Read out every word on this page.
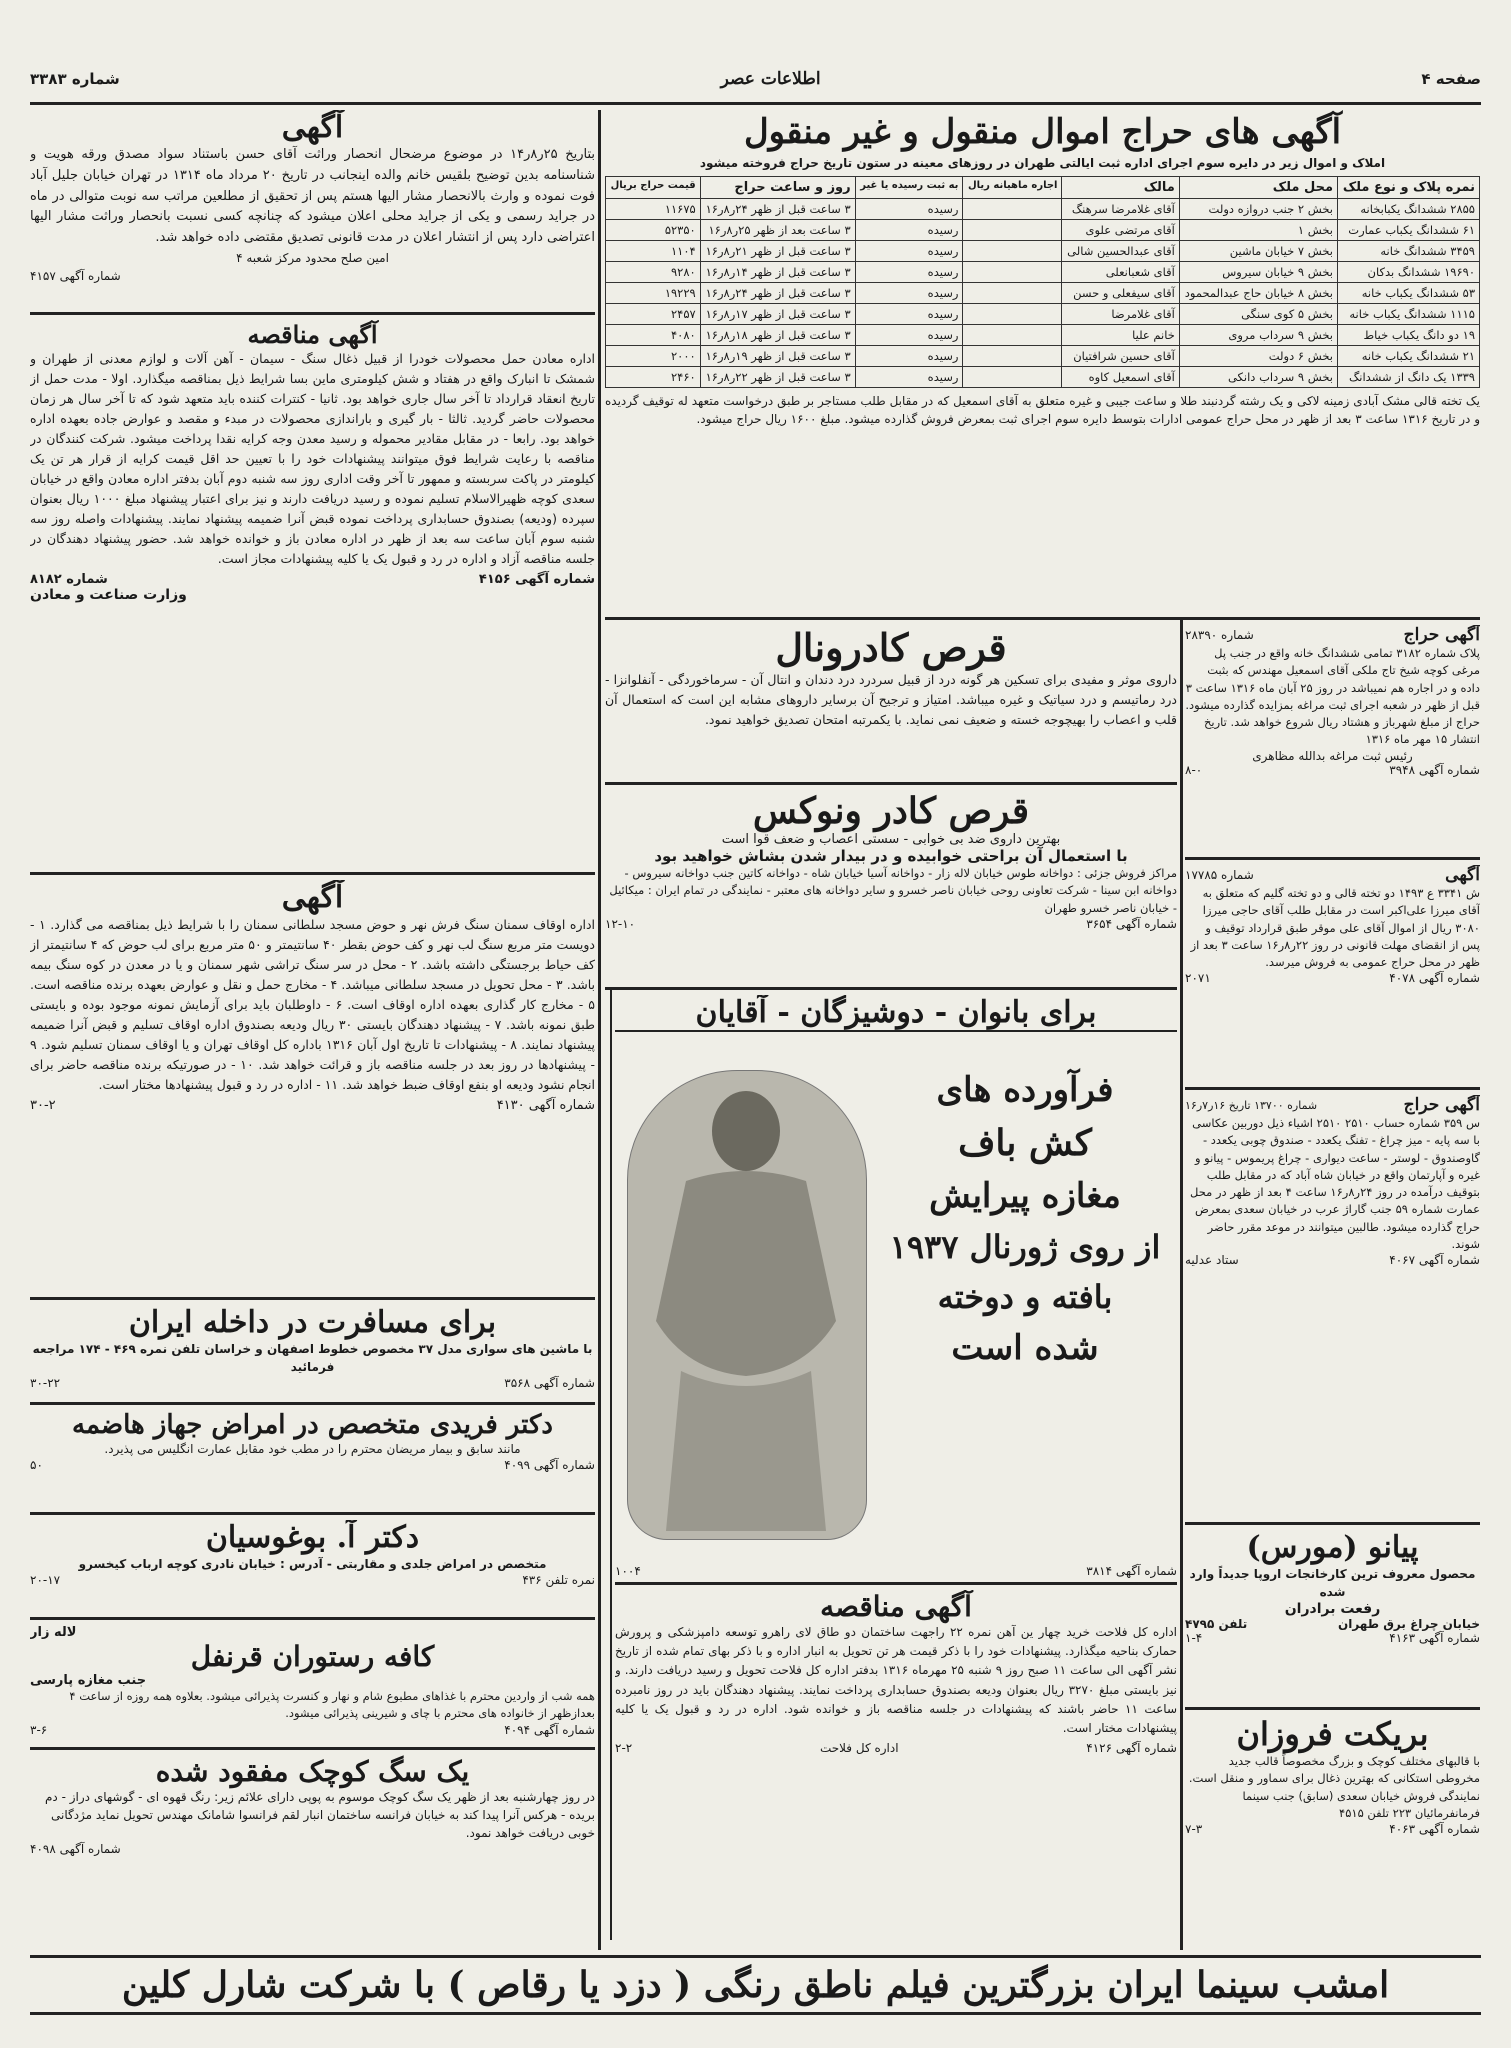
صفحه ۴
اطلاعات عصر
شماره ۳۳۸۳
آگهی های حراج اموال منقول و غیر منقول
املاک و اموال زیر در دایره سوم اجرای اداره ثبت ایالتی طهران در روزهای معینه در ستون تاریخ حراج فروخته میشود
نمره پلاک و نوع ملک	محل ملک	مالک	اجاره ماهیانه ریال	به ثبت رسیده یا غیر	روز و ساعت حراج	قیمت حراج بریال
۲۸۵۵ ششدانگ یکبابخانه	بخش ۲ جنب دروازه دولت	آقای غلامرضا سرهنگ		رسیده	۳ ساعت قبل از ظهر ۲۴ر۸ر۱۶	۱۱۶۷۵
۶۱ ششدانگ یکباب عمارت	بخش ۱	آقای مرتضی علوی		رسیده	۳ ساعت بعد از ظهر ۲۵ر۸ر۱۶	۵۲۳۵۰
۳۴۵۹ ششدانگ خانه	بخش ۷ خیابان ماشین	آقای عبدالحسین شالی		رسیده	۳ ساعت قبل از ظهر ۲۱ر۸ر۱۶	۱۱۰۴
۱۹۶۹۰ ششدانگ بدکان	بخش ۹ خیابان سیروس	آقای شعبانعلی		رسیده	۳ ساعت قبل از ظهر ۱۴ر۸ر۱۶	۹۲۸۰
۵۳ ششدانگ یکباب خانه	بخش ۸ خیابان حاج عبدالمحمود	آقای سیفعلی و حسن		رسیده	۳ ساعت قبل از ظهر ۲۴ر۸ر۱۶	۱۹۲۲۹
۱۱۱۵ ششدانگ یکباب خانه	بخش ۵ کوی سنگی	آقای غلامرضا		رسیده	۳ ساعت قبل از ظهر ۱۷ر۸ر۱۶	۲۴۵۷
۱۹ دو دانگ یکباب خیاط	بخش ۹ سرداب مروی	خانم علیا		رسیده	۳ ساعت قبل از ظهر ۱۸ر۸ر۱۶	۴۰۸۰
۲۱ ششدانگ یکباب خانه	بخش ۶ دولت	آقای حسین شرافتیان		رسیده	۳ ساعت قبل از ظهر ۱۹ر۸ر۱۶	۲۰۰۰
۱۳۳۹ یک دانگ از ششدانگ	بخش ۹ سرداب دانکی	آقای اسمعیل کاوه		رسیده	۳ ساعت قبل از ظهر ۲۲ر۸ر۱۶	۲۴۶۰
یک تخته قالی مشک آبادی زمینه لاکی و یک رشته گردنبند طلا و ساعت جیبی و غیره متعلق به آقای اسمعیل که در مقابل طلب مستاجر بر طبق درخواست متعهد له توقیف گردیده و در تاریخ ۱۳۱۶ ساعت ۳ بعد از ظهر در محل حراج عمومی ادارات بتوسط دایره سوم اجرای ثبت بمعرض فروش گذارده میشود. مبلغ ۱۶۰۰ ریال حراج میشود.
آگهی
بتاریخ ۲۵ر۸ر۱۴ در موضوع مرضحال انحصار وراثت آقای حسن باستناد سواد مصدق ورقه هویت و شناسنامه بدین توضیح بلقیس خانم والده اینجانب در تاریخ ۲۰ مرداد ماه ۱۳۱۴ در تهران خیابان جلیل آباد فوت نموده و وارث بالانحصار مشار الیها هستم پس از تحقیق از مطلعین مراتب سه نوبت متوالی در ماه در جراید رسمی و یکی از جراید محلی اعلان میشود که چنانچه کسی نسبت بانحصار وراثت مشار الیها اعتراضی دارد پس از انتشار اعلان در مدت قانونی تصدیق مقتضی داده خواهد شد.
امین صلح محدود مرکز شعبه ۴
شماره آگهی ۴۱۵۷
آگهی مناقصه
اداره معادن حمل محصولات خودرا از قبیل ذغال سنگ - سیمان - آهن آلات و لوازم معدنی از طهران و شمشک تا انبارک واقع در هفتاد و شش کیلومتری ماین بسا شرایط ذیل بمناقصه میگذارد. اولا - مدت حمل از تاریخ انعقاد قرارداد تا آخر سال جاری خواهد بود. ثانیا - کنترات کننده باید متعهد شود که تا آخر سال هر زمان محصولات حاضر گردید. ثالثا - بار گیری و باراندازی محصولات در مبدء و مقصد و عوارض جاده بعهده اداره خواهد بود. رابعا - در مقابل مقادیر محموله و رسید معدن وجه کرایه نقدا پرداخت میشود. شرکت کنندگان در مناقصه با رعایت شرایط فوق میتوانند پیشنهادات خود را با تعیین حد اقل قیمت کرایه از قرار هر تن یک کیلومتر در پاکت سربسته و ممهور تا آخر وقت اداری روز سه شنبه دوم آبان بدفتر اداره معادن واقع در خیابان سعدی کوچه ظهیرالاسلام تسلیم نموده و رسید دریافت دارند و نیز برای اعتبار پیشنهاد مبلغ ۱۰۰۰ ریال بعنوان سپرده (ودیعه) بصندوق حسابداری پرداخت نموده قبض آنرا ضمیمه پیشنهاد نمایند. پیشنهادات واصله روز سه شنبه سوم آبان ساعت سه بعد از ظهر در اداره معادن باز و خوانده خواهد شد. حضور پیشنهاد دهندگان در جلسه مناقصه آزاد و اداره در رد و قبول یک یا کلیه پیشنهادات مجاز است.
شماره آگهی ۴۱۵۶
شماره ۸۱۸۲
وزارت صناعت و معادن
آگهی
اداره اوقاف سمنان سنگ فرش نهر و حوض مسجد سلطانی سمنان را با شرایط ذیل بمناقصه می گذارد. ۱ - دویست متر مربع سنگ لب نهر و کف حوض بقطر ۴۰ سانتیمتر و ۵۰ متر مربع برای لب حوض که ۴ سانتیمتر از کف حیاط برجستگی داشته باشد. ۲ - محل در سر سنگ تراشی شهر سمنان و یا در معدن در کوه سنگ بیمه باشد. ۳ - محل تحویل در مسجد سلطانی میباشد. ۴ - مخارج حمل و نقل و عوارض بعهده برنده مناقصه است. ۵ - مخارج کار گذاری بعهده اداره اوقاف است. ۶ - داوطلبان باید برای آزمایش نمونه موجود بوده و بایستی طبق نمونه باشد. ۷ - پیشنهاد دهندگان بایستی ۳۰ ریال ودیعه بصندوق اداره اوقاف تسلیم و قبض آنرا ضمیمه پیشنهاد نمایند. ۸ - پیشنهادات تا تاریخ اول آبان ۱۳۱۶ باداره کل اوقاف تهران و یا اوقاف سمنان تسلیم شود. ۹ - پیشنهادها در روز بعد در جلسه مناقصه باز و قرائت خواهد شد. ۱۰ - در صورتیکه برنده مناقصه حاضر برای انجام نشود ودیعه او بنفع اوقاف ضبط خواهد شد. ۱۱ - اداره در رد و قبول پیشنهادها مختار است.
شماره آگهی ۴۱۳۰
۳۰-۲
برای مسافرت در داخله ایران
با ماشین های سواری مدل ۳۷ مخصوص خطوط اصفهان و خراسان تلفن نمره ۴۶۹ - ۱۷۴ مراجعه فرمائید
شماره آگهی ۳۵۶۸
۳۰-۲۲
دکتر فریدی متخصص در امراض جهاز هاضمه
مانند سابق و بیمار مریضان محترم را در مطب خود مقابل عمارت انگلیس می پذیرد.
شماره آگهی ۴۰۹۹
۵۰
دکتر آ. بوغوسیان
متخصص در امراض جلدی و مقاربتی - آدرس : خیابان نادری کوچه ارباب کیخسرو
نمره تلفن ۴۳۶
۲۰-۱۷
لاله زار
کافه رستوران قرنفل
جنب مغازه پارسی
همه شب از واردین محترم با غذاهای مطبوع شام و نهار و کنسرت پذیرائی میشود. بعلاوه همه روزه از ساعت ۴ بعدازظهر از خانواده های محترم با چای و شیرینی پذیرائی میشود.
شماره آگهی ۴۰۹۴
۳-۶
یک سگ کوچک مفقود شده
در روز چهارشنبه بعد از ظهر یک سگ کوچک موسوم به پوپی دارای علائم زیر: رنگ قهوه ای - گوشهای دراز - دم بریده - هرکس آنرا پیدا کند به خیابان فرانسه ساختمان انبار لقم فرانسوا شامانک مهندس تحویل نماید مژدگانی خوبی دریافت خواهد نمود.
شماره آگهی ۴۰۹۸
قرص کادرونال
داروی موثر و مفیدی برای تسکین هر گونه درد از قبیل سردرد درد دندان و انتال آن - سرماخوردگی - آنفلوانزا - درد رماتیسم و درد سیاتیک و غیره میباشد. امتیاز و ترجیح آن برسایر داروهای مشابه این است که استعمال آن قلب و اعصاب را بهیچوجه خسته و ضعیف نمی نماید. با یکمرتبه امتحان تصدیق خواهید نمود.
قرص کادر ونوکس
بهترین داروی ضد بی خوابی - سستی اعصاب و ضعف قوا است
با استعمال آن براحتی خوابیده و در بیدار شدن بشاش خواهید بود
مراکز فروش جزئی : دواخانه طوس خیابان لاله زار - دواخانه آسیا خیابان شاه - دواخانه کاتین جنب دواخانه سیروس - دواخانه ابن سینا - شرکت تعاونی روحی خیابان ناصر خسرو و سایر دواخانه های معتبر - نمایندگی در تمام ایران : میکائیل - خیابان ناصر خسرو طهران
شماره آگهی ۳۶۵۴
۱۲-۱۰
برای بانوان - دوشیزگان - آقایان
فرآورده های
کش باف
مغازه پیرایش
از روی ژورنال ۱۹۳۷
بافته و دوخته
شده است
شماره آگهی ۳۸۱۴
۱۰۰۴
آگهی مناقصه
اداره کل فلاحت خرید چهار ین آهن نمره ۲۲ راجهت ساختمان دو طاق لای راهرو توسعه دامپزشکی و پرورش حمارک بناحیه میگذارد. پیشنهادات خود را با ذکر قیمت هر تن تحویل به انبار اداره و با ذکر بهای تمام شده از تاریخ نشر آگهی الی ساعت ۱۱ صبح روز ۹ شنبه ۲۵ مهرماه ۱۳۱۶ بدفتر اداره کل فلاحت تحویل و رسید دریافت دارند. و نیز بایستی مبلغ ۳۲۷۰ ریال بعنوان ودیعه بصندوق حسابداری پرداخت نمایند. پیشنهاد دهندگان باید در روز نامبرده ساعت ۱۱ حاضر باشند که پیشنهادات در جلسه مناقصه باز و خوانده شود. اداره در رد و قبول یک یا کلیه پیشنهادات مختار است.
شماره آگهی ۴۱۲۶
اداره کل فلاحت
۲-۲
آگهی حراج
شماره ۲۸۳۹۰
پلاک شماره ۳۱۸۲ تمامی ششدانگ خانه واقع در جنب پل مرغی کوچه شیخ تاج ملکی آقای اسمعیل مهندس که بثبت داده و در اجاره هم نمیباشد در روز ۲۵ آبان ماه ۱۳۱۶ ساعت ۳ قبل از ظهر در شعبه اجرای ثبت مراغه بمزایده گذارده میشود. حراج از مبلغ شهرباز و هشتاد ریال شروع خواهد شد. تاریخ انتشار ۱۵ مهر ماه ۱۳۱۶
رئیس ثبت مراغه بدالله مظاهری
شماره آگهی ۳۹۴۸
۸-۰
آگهی
شماره ۱۷۷۸۵
ش ۳۳۴۱ ع ۱۴۹۳ دو تخته قالی و دو تخته گلیم که متعلق به آقای میرزا علی‌اکبر است در مقابل طلب آقای حاجی میرزا ۳۰۸۰ ریال از اموال آقای علی موقر طبق قرارداد توقیف و پس از انقضای مهلت قانونی در روز ۲۲ر۸ر۱۶ ساعت ۳ بعد از ظهر در محل حراج عمومی به فروش میرسد.
شماره آگهی ۴۰۷۸
۲۰۷۱
آگهی حراج
شماره ۱۳۷۰۰ تاریخ ۱۶ر۷ر۱۶
س ۳۵۹ شماره حساب ۲۵۱۰ ۲۵۱۰ اشیاء ذیل دوربین عکاسی با سه پایه - میز چراغ - تفنگ یکعدد - صندوق چوبی یکعدد - گاوصندوق - لوستر - ساعت دیواری - چراغ پریموس - پیانو و غیره و آپارتمان واقع در خیابان شاه آباد که در مقابل طلب بتوقیف درآمده در روز ۲۴ر۸ر۱۶ ساعت ۴ بعد از ظهر در محل عمارت شماره ۵۹ جنب گاراژ عرب در خیابان سعدی بمعرض حراج گذارده میشود. طالبین میتوانند در موعد مقرر حاضر شوند.
شماره آگهی ۴۰۶۷
ستاد عدلیه
پیانو (مورس)
محصول معروف ترین کارخانجات اروپا جدیداً وارد شده
رفعت برادران
خیابان چراغ برق طهران
تلفن ۴۷۹۵
شماره آگهی ۴۱۶۳
۱-۴
بریکت فروزان
با قالبهای مختلف کوچک و بزرگ مخصوصاً قالب جدید مخروطی استکانی که بهترین ذغال برای سماور و منقل است. نمایندگی فروش خیابان سعدی (سابق) جنب سینما فرمانفرمائیان ۲۲۳ تلفن ۴۵۱۵
شماره آگهی ۴۰۶۳
۷-۳
امشب سینما ایران بزرگترین فیلم ناطق رنگی ( دزد یا رقاص ) با شرکت شارل کلین
